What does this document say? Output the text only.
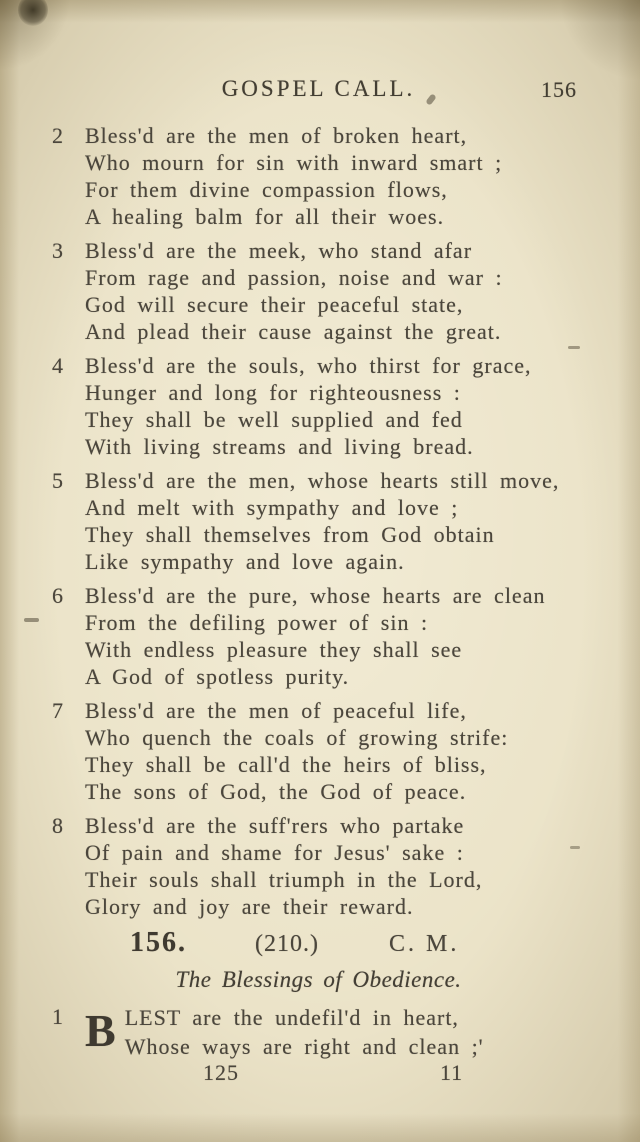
GOSPEL CALL.	156
2	Bless'd are the men of broken heart,
Who mourn for sin with inward smart ;
For them divine compassion flows,
A healing balm for all their woes.
3	Bless'd are the meek, who stand afar
From rage and passion, noise and war :
God will secure their peaceful state,
And plead their cause against the great.
4	Bless'd are the souls, who thirst for grace,
Hunger and long for righteousness :
They shall be well supplied and fed
With living streams and living bread.
5	Bless'd are the men, whose hearts still move,
And melt with sympathy and love ;
They shall themselves from God obtain
Like sympathy and love again.
6	Bless'd are the pure, whose hearts are clean
From the defiling power of sin :
With endless pleasure they shall see
A God of spotless purity.
7	Bless'd are the men of peaceful life,
Who quench the coals of growing strife:
They shall be call'd the heirs of bliss,
The sons of God, the God of peace.
8	Bless'd are the suff'rers who partake
Of pain and shame for Jesus' sake :
Their souls shall triumph in the Lord,
Glory and joy are their reward.
156.	(210.)	C. M.
The Blessings of Obedience.
1 B LEST are the undefil'd in heart,
Whose ways are right and clean ;'
125	11
